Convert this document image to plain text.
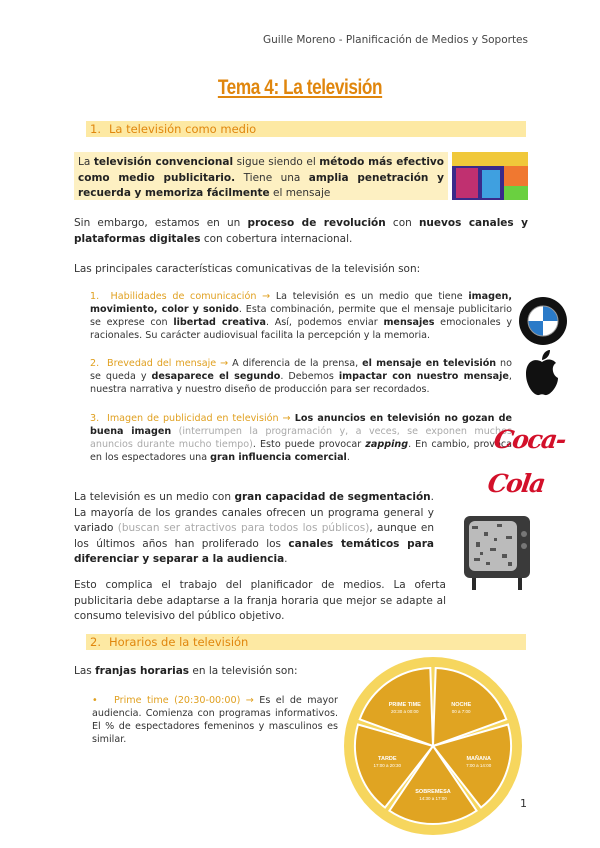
Guille Moreno - Planificación de Medios y Soportes
Tema 4: La televisión
1. La televisión como medio
La televisión convencional sigue siendo el método más efectivo como medio publicitario. Tiene una amplia penetración y recuerda y memoriza fácilmente el mensaje
Sin embargo, estamos en un proceso de revolución con nuevos canales y plataformas digitales con cobertura internacional.
Las principales características comunicativas de la televisión son:
1. Habilidades de comunicación → La televisión es un medio que tiene imagen, movimiento, color y sonido. Esta combinación, permite que el mensaje publicitario se exprese con libertad creativa. Así, podemos enviar mensajes emocionales y racionales. Su carácter audiovisual facilita la percepción y la memoria.
2. Brevedad del mensaje → A diferencia de la prensa, el mensaje en televisión no se queda y desaparece el segundo. Debemos impactar con nuestro mensaje, nuestra narrativa y nuestro diseño de producción para ser recordados.
3. Imagen de publicidad en televisión → Los anuncios en televisión no gozan de buena imagen (interrumpen la programación y, a veces, se exponen muchos anuncios durante mucho tiempo). Esto puede provocar zapping. En cambio, provoca en los espectadores una gran influencia comercial.
Coca-Cola
La televisión es un medio con gran capacidad de segmentación. La mayoría de los grandes canales ofrecen un programa general y variado (buscan ser atractivos para todos los públicos), aunque en los últimos años han proliferado los canales temáticos para diferenciar y separar a la audiencia.
Esto complica el trabajo del planificador de medios. La oferta publicitaria debe adaptarse a la franja horaria que mejor se adapte al consumo televisivo del público objetivo.
2. Horarios de la televisión
Las franjas horarias en la televisión son:
• Prime time (20:30-00:00) → Es el de mayor audiencia. Comienza con programas informativos. El % de espectadores femeninos y masculinos es similar.
PRIME TIME
20:30 a 00:00
NOCHE
00 a 7:00
MAÑANA
7:00 a 14:00
SOBREMESA
14:30 a 17:00
TARDE
17:00 a 20:30
1
